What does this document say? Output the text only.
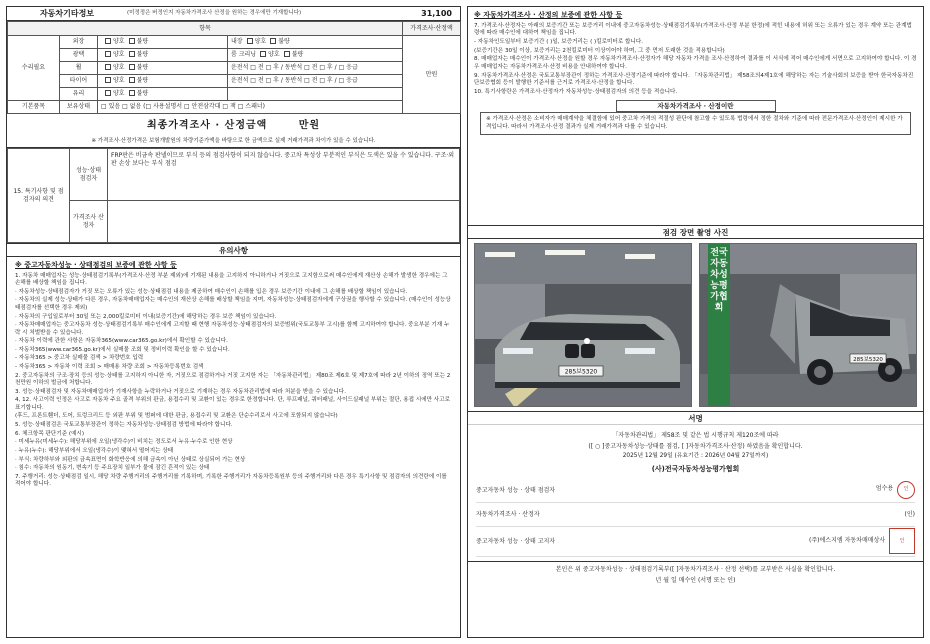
자동차기타정보	(미정정은 버정인지 자동차가격조사 산정을 원하는 경우에만 기재합니다)	31,100
항목				가격조사·산정액
수리필요	외장	양호 불량	내장 양호 불량	만원
	광택	양호 불량	룸 크리닝 양호 불량	
	휠	양호 불량	운전석 □ 전 □ 후 / 동반석 □ 전 □ 후 / □ 응급	
	타이어	양호 불량	운전석 □ 전 □ 후 / 동반석 □ 전 □ 후 / □ 응급	
	유리	양호 불량		
기본품목	보유상태	□ 있음 □ 없음 (□ 사용설명서 □ 안전삼각대 □ 잭 □ 스패너)		
최종가격조사 · 산정금액	만원
※ 가격조사·산정가격은 보험개발원의 차량기준가액을 바탕으로 한 금액으로 실제 거래가격과 차이가 있을 수 있습니다.
15. 특기사항 및 점검자의 의견	성능·상태 점검자	FRP판은 비금속 판넬이므로 부식 등의 점검사항이 되지 않습니다. 중고차 특성상 부분적인 부식은 도색은 있을 수 있습니다. 구조·외판 손상 보다는 부식 점검
	가격조사 산정자	
유의사항
※ 중고자동차성능 · 상태점검의 보증에 관한 사항 등

1. 자동차 매매업자는 성능·상태점검기록부(가격조사·산정 부분 제외)에 기재된 내용을 고지하지 아니하거나 거짓으로 고지함으로써 매수인에게 재산상 손해가 발생한 경우에는 그 손해를 배상할 책임을 집니다.

· 자동차성능·상태점검자가 거짓 또는 오류가 있는 성능·상태점검 내용을 제공하여 매수인이 손해를 입은 경우 보증기간 이내에 그 손해를 배상할 책임이 있습니다.

· 자동차의 실제 성능·상태가 다른 경우, 자동차매매업자는 매수인의 재산상 손해를 배상할 책임을 지며, 자동차성능·상태점검자에게 구상권을 행사할 수 있습니다. (매수인이 성능상태점검자를 선택한 경우 제외)

· 자동차의 구입일로부터 30일 또는 2,000킬로미터 이내(보증기간)에 해당하는 경우 보증 책임이 있습니다.

· 자동차매매업자는 중고자동차 성능·상태점검기록부 매수인에게 고지할 때 현행 자동차성능·상태점검자의 보증범위(국토교통부 고시)를 함께 고지하여야 합니다. 중요부분 기재 누락 시 처벌받을 수 있습니다.

· 자동차 이력에 관한 사항은 자동차365(www.car365.go.kr)에서 확인할 수 있습니다.

· 자동차365(www.car365.go.kr)에서 실매물 조회 및 정비이력 확인을 할 수 있습니다.

- 자동차365 > 중고차 실매물 검색 > 차량번호 입력

- 자동차365 > 자동차 이력 조회 > 매매용 차량 조회 > 자동차등록번호 검색

2. 중고자동차의 구조·장치 등의 성능·상태를 고지하지 아니한 자, 거짓으로 점검하거나 거짓 고지한 자는 「자동차관리법」 제80조 제6호 및 제7호에 따라 2년 이하의 징역 또는 2천만원 이하의 벌금에 처합니다.

3. 성능·상태점검자 및 자동차매매업자가 기재사항을 누락하거나 거짓으로 기재하는 경우 자동차관리법에 따라 처분을 받을 수 있습니다.

4, 12. 사고이력 인정은 사고로 자동차 주요 골격 부위의 판금, 용접수리 및 교환이 있는 경우로 한정합니다. 단, 루프패널, 쿼터패널, 사이드실패널 부위는 절단, 용접 시에만 사고로 표기합니다.

(후드, 프론트휀더, 도어, 트렁크리드 등 외판 부위 및 범퍼에 대한 판금, 용접수리 및 교환은 단순수리로서 사고에 포함되지 않습니다)

5. 성능·상태점검은 국토교통부장관이 정하는 자동차성능·상태점검 방법에 따라야 합니다.

6. 체크항목 판단기준 (예시)

· 미세누유(미세누수): 해당부위에 오일(냉각수)이 비치는 정도로서 누유·누수로 인한 현상

· 누유(누수): 해당부위에서 오일(냉각수)이 맺혀서 떨어지는 상태

· 부식: 차량하부와 외판의 금속표면이 화학반응에 의해 금속이 아닌 상태로 상실되어 가는 현상

· 침수: 자동차의 원동기, 변속기 등 주요장치 일부가 물에 잠긴 흔적이 있는 상태

7. 주행거리: 성능·상태점검 일시, 해당 차량 주행거리의 주행거리를 기록하며, 기록한 주행거리가 자동차등록원부 등의 주행거리와 다른 경우 특기사항 및 점검자의 의견란에 이를 적어야 합니다.

※ 자동차가격조사 · 산정의 보증에 관한 사항 등

7. 가격조사·산정자는 아래의 보증기간 또는 보증거리 이내에 중고자동차성능·상태점검기록부(가격조사·산정 부분 한정)에 적힌 내용에 허위 또는 오류가 있는 경우 계약 또는 관계법령에 따라 매수인에 대하여 책임을 집니다.

- 자동차인도일부터 보증기간 ( )일, 보증거리는 ( )킬로미터로 합니다.

(보증기간은 30일 이상, 보증거리는 2천킬로미터 이상이어야 하며, 그 중 먼저 도래한 것을 적용합니다)

8. 매매업자는 매수인이 가격조사·산정을 원할 경우 자동차가격조사·산정자가 해당 자동차 가격을 조사·산정하여 결과를 이 서식에 적어 매수인에게 서면으로 고지하여야 합니다. 이 경우 매매업자는 자동차가격조사·산정 비용을 안내하여야 합니다.

9. 자동차가격조사·산정은 국토교통부장관이 정하는 가격조사·산정기준에 따라야 합니다. 「자동차관리법」 제58조의4제1호에 해당하는 자는 기술사회의 보증을 받아 한국자동차진단보증협회 등이 발행한 기준서를 근거로 가격조사·산정을 합니다.

10. 특기사항란은 가격조사·산정자가 자동차성능·상태점검자의 의견 등을 적습니다.

자동차가격조사 · 산정이란
※ 가격조사·산정은 소비자가 매매계약을 체결함에 있어 중고차 가격의 적절성 판단에 참고할 수 있도록 법령에서 정한 절차와 기준에 따라 전문가격조사·산정인이 제시한 가격입니다. 따라서 가격조사·산정 결과가 실제 거래가격과 다를 수 있습니다.
점검 장면 촬영 사진
285보5320
285보5320
전국자동차성능평가협회
서명
「자동차관리법」 제58조 및 같은 법 시행규칙 제120조에 따라
([ ○ ]중고자동차성능·상태를 점검, [ ]자동차가격조사·산정) 하였음을 확인합니다.
2025년 12월 29일 (유효기간 : 2026년 04월 27일까지)
(사)전국자동차성능평가협회
중고자동차 성능 · 상태 점검자	엄수용 인
자동차가격조사 · 산정자	(인)
중고자동차 성능 · 상태 고지자	(주)에스지엠 자동차매매상사	인
본인은 위 중고자동차성능 · 상태점검기록부([ ]자동차가격조사 · 산정 선택)를 교부받은 사실을 확인합니다.
년 월 일 매수인 (서명 또는 인)
